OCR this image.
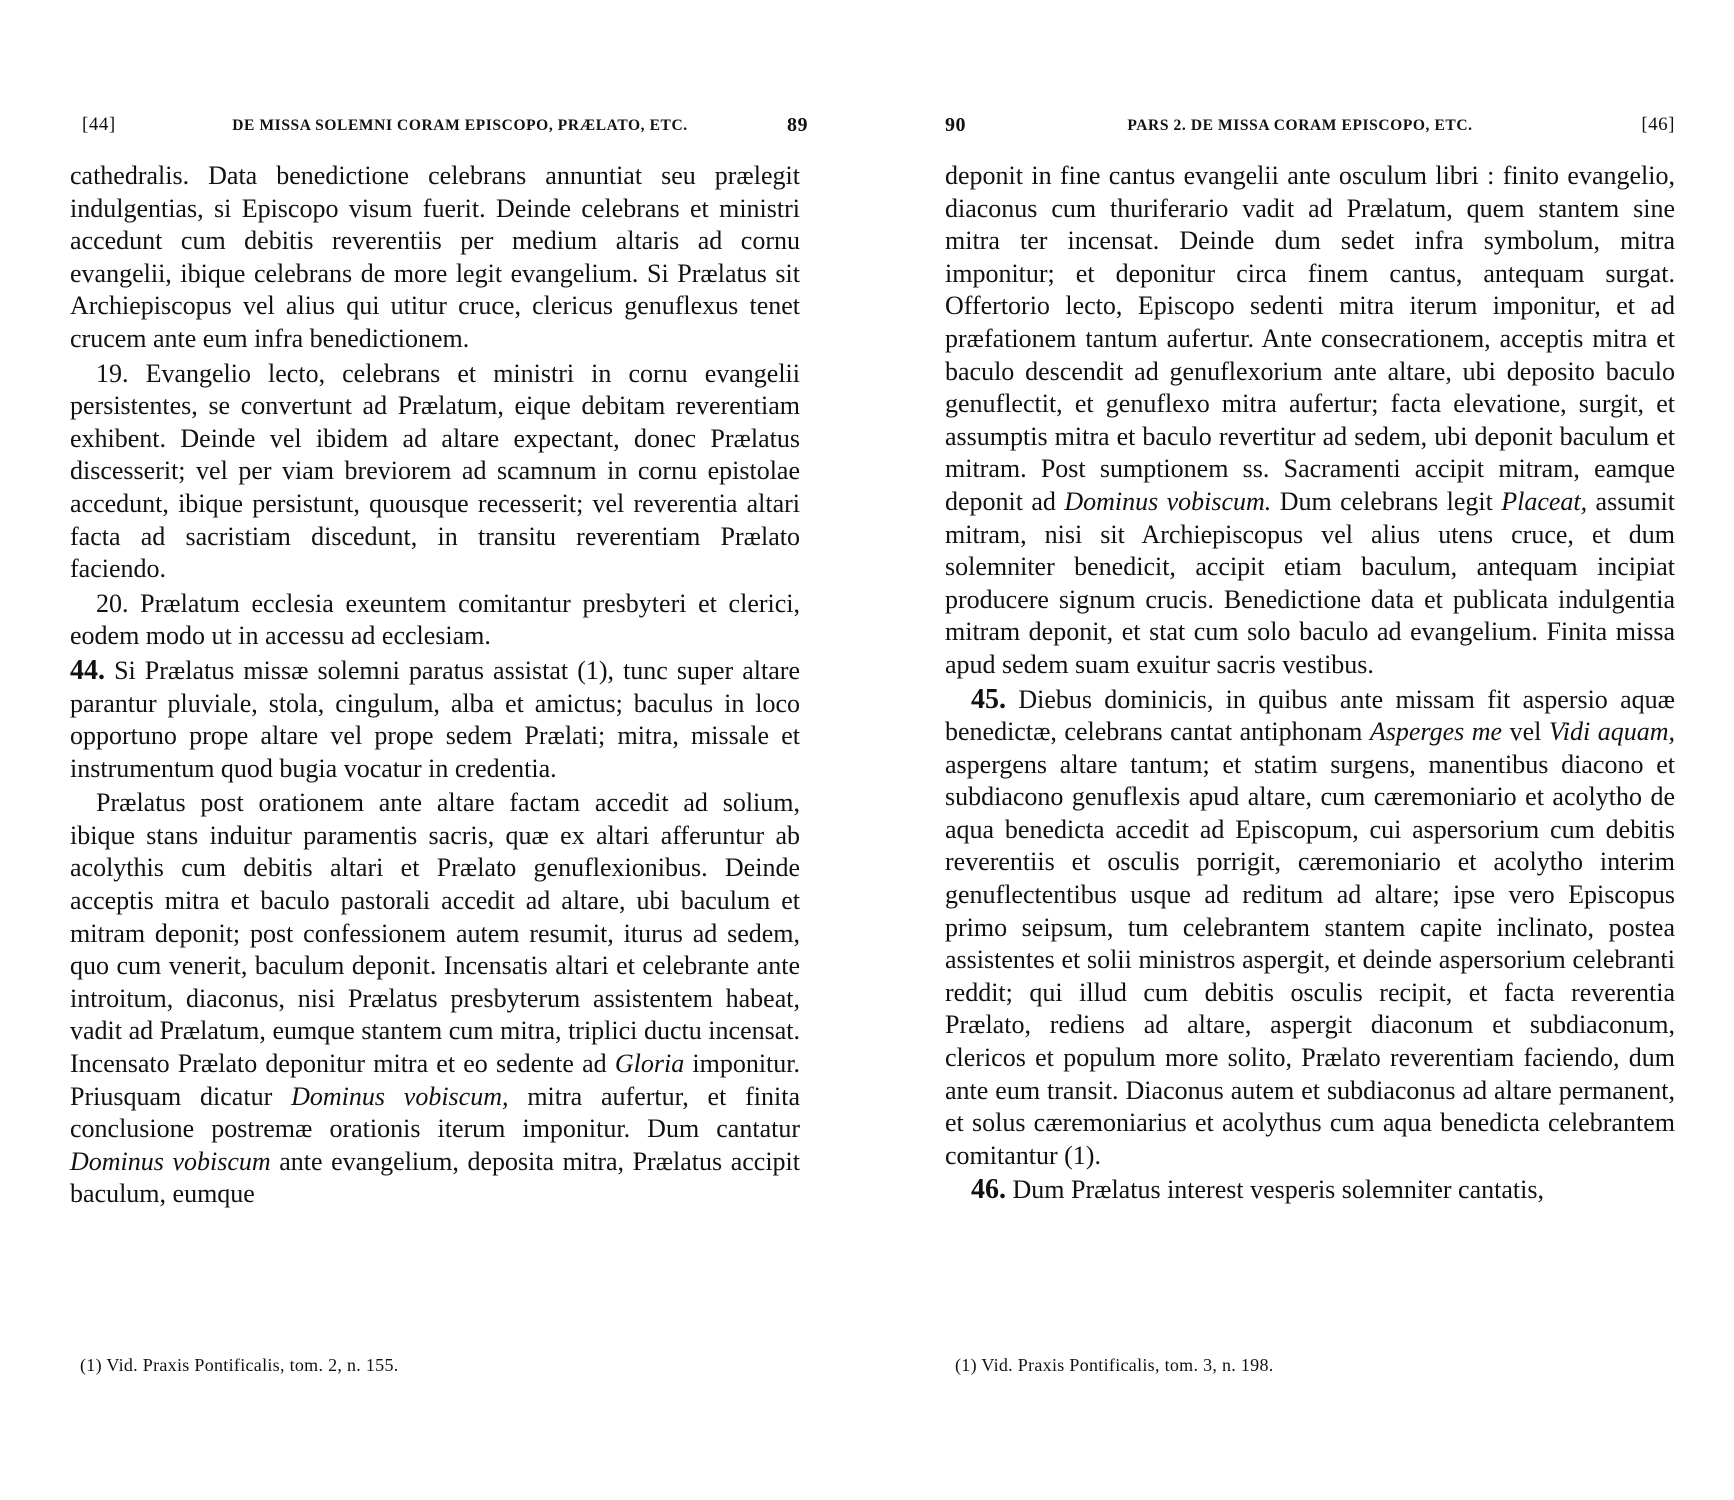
[44]	DE MISSA SOLEMNI CORAM EPISCOPO, PRÆLATO, ETC.	89

cathedralis. Data benedictione celebrans annuntiat seu prælegit indulgentias, si Episcopo visum fuerit. Deinde celebrans et ministri accedunt cum debitis reverentiis per medium altaris ad cornu evangelii, ibique celebrans de more legit evangelium. Si Prælatus sit Archiepiscopus vel alius qui utitur cruce, clericus genuflexus tenet crucem ante eum infra benedictionem.

19. Evangelio lecto, celebrans et ministri in cornu evangelii persistentes, se convertunt ad Prælatum, eique debitam reverentiam exhibent. Deinde vel ibidem ad altare expectant, donec Prælatus discesserit; vel per viam breviorem ad scamnum in cornu epistolae accedunt, ibique persistunt, quousque recesserit; vel reverentia altari facta ad sacristiam discedunt, in transitu reverentiam Prælato faciendo.

20. Prælatum ecclesia exeuntem comitantur presbyteri et clerici, eodem modo ut in accessu ad ecclesiam.

44. Si Prælatus missæ solemni paratus assistat (1), tunc super altare parantur pluviale, stola, cingulum, alba et amictus; baculus in loco opportuno prope altare vel prope sedem Prælati; mitra, missale et instrumentum quod bugia vocatur in credentia.

Prælatus post orationem ante altare factam accedit ad solium, ibique stans induitur paramentis sacris, quæ ex altari afferuntur ab acolythis cum debitis altari et Prælato genuflexionibus. Deinde acceptis mitra et baculo pastorali accedit ad altare, ubi baculum et mitram deponit; post confessionem autem resumit, iturus ad sedem, quo cum venerit, baculum deponit. Incensatis altari et celebrante ante introitum, diaconus, nisi Prælatus presbyterum assistentem habeat, vadit ad Prælatum, eumque stantem cum mitra, triplici ductu incensat. Incensato Prælato deponitur mitra et eo sedente ad Gloria imponitur. Priusquam dicatur Dominus vobiscum, mitra aufertur, et finita conclusione postremæ orationis iterum imponitur. Dum cantatur Dominus vobiscum ante evangelium, deposita mitra, Prælatus accipit baculum, eumque

(1) Vid. Praxis Pontificalis, tom. 2, n. 155.
90	PARS 2. DE MISSA CORAM EPISCOPO, ETC.	[46]

deponit in fine cantus evangelii ante osculum libri : finito evangelio, diaconus cum thuriferario vadit ad Prælatum, quem stantem sine mitra ter incensat. Deinde dum sedet infra symbolum, mitra imponitur; et deponitur circa finem cantus, antequam surgat. Offertorio lecto, Episcopo sedenti mitra iterum imponitur, et ad præfationem tantum aufertur. Ante consecrationem, acceptis mitra et baculo descendit ad genuflexorium ante altare, ubi deposito baculo genuflectit, et genuflexo mitra aufertur; facta elevatione, surgit, et assumptis mitra et baculo revertitur ad sedem, ubi deponit baculum et mitram. Post sumptionem ss. Sacramenti accipit mitram, eamque deponit ad Dominus vobiscum. Dum celebrans legit Placeat, assumit mitram, nisi sit Archiepiscopus vel alius utens cruce, et dum solemniter benedicit, accipit etiam baculum, antequam incipiat producere signum crucis. Benedictione data et publicata indulgentia mitram deponit, et stat cum solo baculo ad evangelium. Finita missa apud sedem suam exuitur sacris vestibus.

45. Diebus dominicis, in quibus ante missam fit aspersio aquæ benedictæ, celebrans cantat antiphonam Asperges me vel Vidi aquam, aspergens altare tantum; et statim surgens, manentibus diacono et subdiacono genuflexis apud altare, cum cæremoniario et acolytho de aqua benedicta accedit ad Episcopum, cui aspersorium cum debitis reverentiis et osculis porrigit, cæremoniario et acolytho interim genuflectentibus usque ad reditum ad altare; ipse vero Episcopus primo seipsum, tum celebrantem stantem capite inclinato, postea assistentes et solii ministros aspergit, et deinde aspersorium celebranti reddit; qui illud cum debitis osculis recipit, et facta reverentia Prælato, rediens ad altare, aspergit diaconum et subdiaconum, clericos et populum more solito, Prælato reverentiam faciendo, dum ante eum transit. Diaconus autem et subdiaconus ad altare permanent, et solus cæremoniarius et acolythus cum aqua benedicta celebrantem comitantur (1).

46. Dum Prælatus interest vesperis solemniter cantatis,

(1) Vid. Praxis Pontificalis, tom. 3, n. 198.
